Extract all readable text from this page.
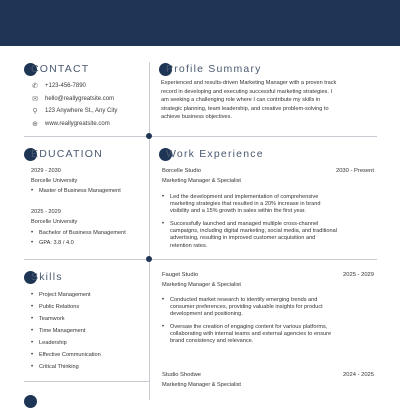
CONTACT
✆ +123-456-7890
✉ hello@reallygreatsite.com
⚲ 123 Anywhere St., Any City
⊕ www.reallygreatsite.com
Profile Summary
Experienced and results-driven Marketing Manager with a proven track
record in developing and executing successful marketing strategies. I
am seeking a challenging role where I can contribute my skills in
strategic planning, team leadership, and creative problem-solving to
achieve business objectives.
EDUCATION
2029 - 2030
Borcelle University
•	Master of Business Management
2025 - 2029
Borcelle University
•	Bachelor of Business Management
•	GPA: 3.8 / 4.0
Work Experience
Borcelle Studio	2030 - Present
Marketing Manager & Specialist
•	Led the development and implementation of comprehensive
marketing strategies that resulted in a 20% increase in brand
visibility and a 15% growth in sales within the first year.
•	Successfully launched and managed multiple cross-channel
campaigns, including digital marketing, social media, and traditional
advertising, resulting in improved customer acquisition and
retention rates.
Skills
•	Project Management
•	Public Relations
•	Teamwork
•	Time Management
•	Leadership
•	Effective Communication
•	Critical Thinking
Fauget Studio	2025 - 2029
Marketing Manager & Specialist
•	Conducted market research to identify emerging trends and
consumer preferences, providing valuable insights for product
development and positioning.
•	Oversaw the creation of engaging content for various platforms,
collaborating with internal teams and external agencies to ensure
brand consistency and relevance.
Studio Shodwe	2024 - 2025
Marketing Manager & Specialist
